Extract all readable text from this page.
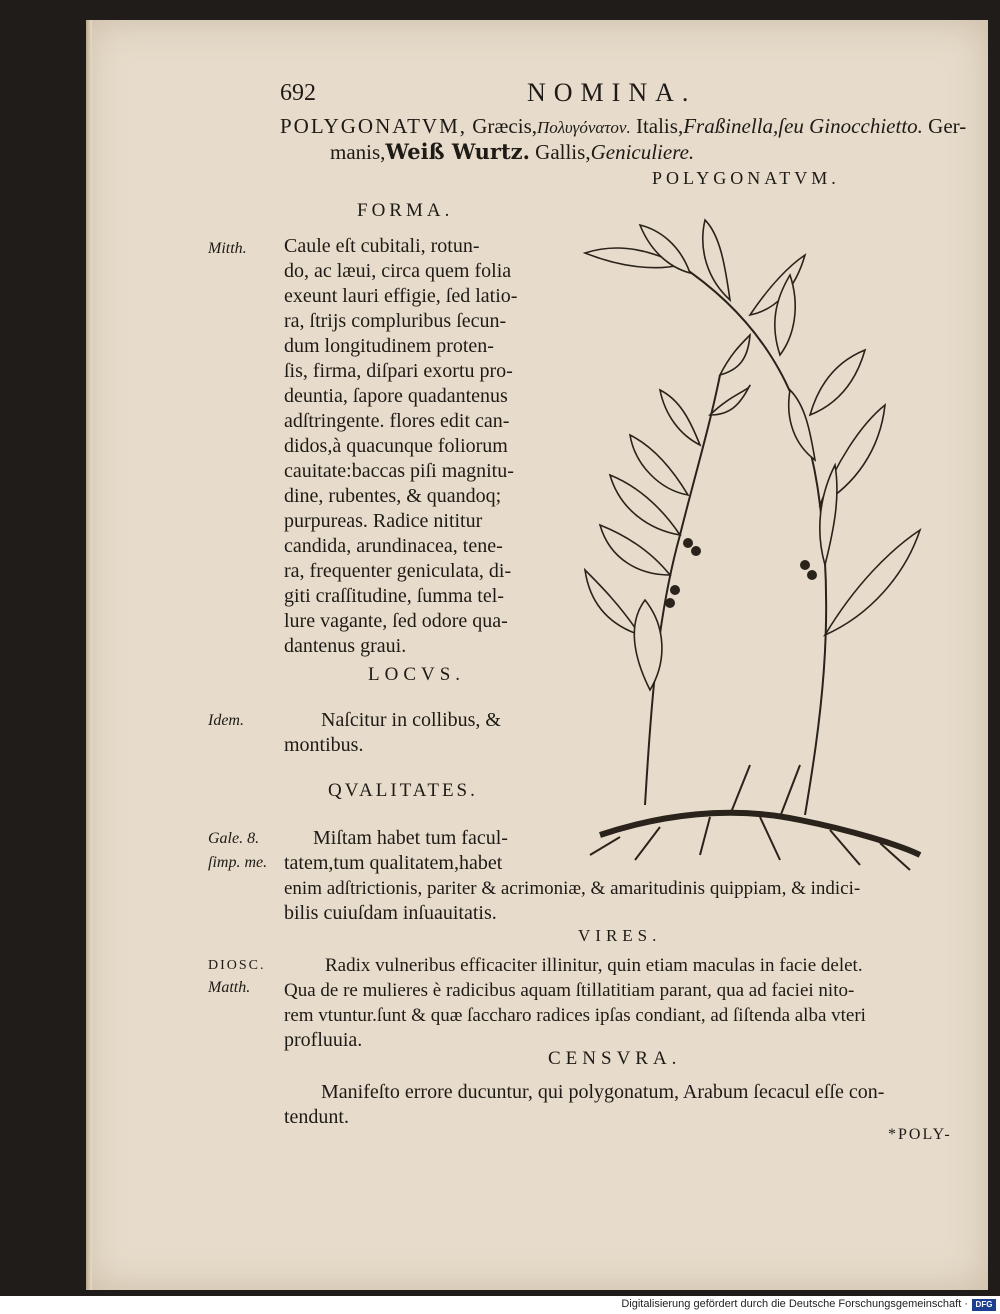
692	NOMINA.
POLYGONATVM, Græcis,Πολυγόνατον. Italis,Fraßinella,ſeu Ginocchietto. Ger-
manis,Weiß Wurtz. Gallis,Geniculiere.
POLYGONATVM.
FORMA.
Mitth. Caule eſt cubitali, rotun-
do, ac læui, circa quem folia
exeunt lauri effigie, ſed latio-
ra, ſtrijs compluribus ſecun-
dum longitudinem proten-
ſis, firma, diſpari exortu pro-
deuntia, ſapore quadantenus
adſtringente. flores edit can-
didos,à quacunque foliorum
cauitate:baccas piſi magnitu-
dine, rubentes, & quandoq;
purpureas. Radice nititur
candida, arundinacea, tene-
ra, frequenter geniculata, di-
giti craſſitudine, ſumma tel-
lure vagante, ſed odore qua-
dantenus graui.
LOCVS.
Idem.	Naſcitur in collibus, &
montibus.
QVALITATES.
Gale. 8.
ſimp. me.
Miſtam habet tum facul-
tatem,tum qualitatem,habet
enim adſtrictionis, pariter & acrimoniæ, & amaritudinis quippiam, & indici-
bilis cuiuſdam inſuauitatis.
VIRES.
DIOSC.
Matth.
Radix vulneribus efficaciter illinitur, quin etiam maculas in facie delet.
Qua de re mulieres è radicibus aquam ſtillatitiam parant, qua ad faciei nito-
rem vtuntur.ſunt & quæ ſaccharo radices ipſas condiant, ad ſiſtenda alba vteri
profluuia.
CENSVRA.
Manifeſto errore ducuntur, qui polygonatum, Arabum ſecacul eſſe con-
tendunt.
*POLY-
Digitalisierung gefördert durch die Deutsche Forschungsgemeinschaft · DFG
